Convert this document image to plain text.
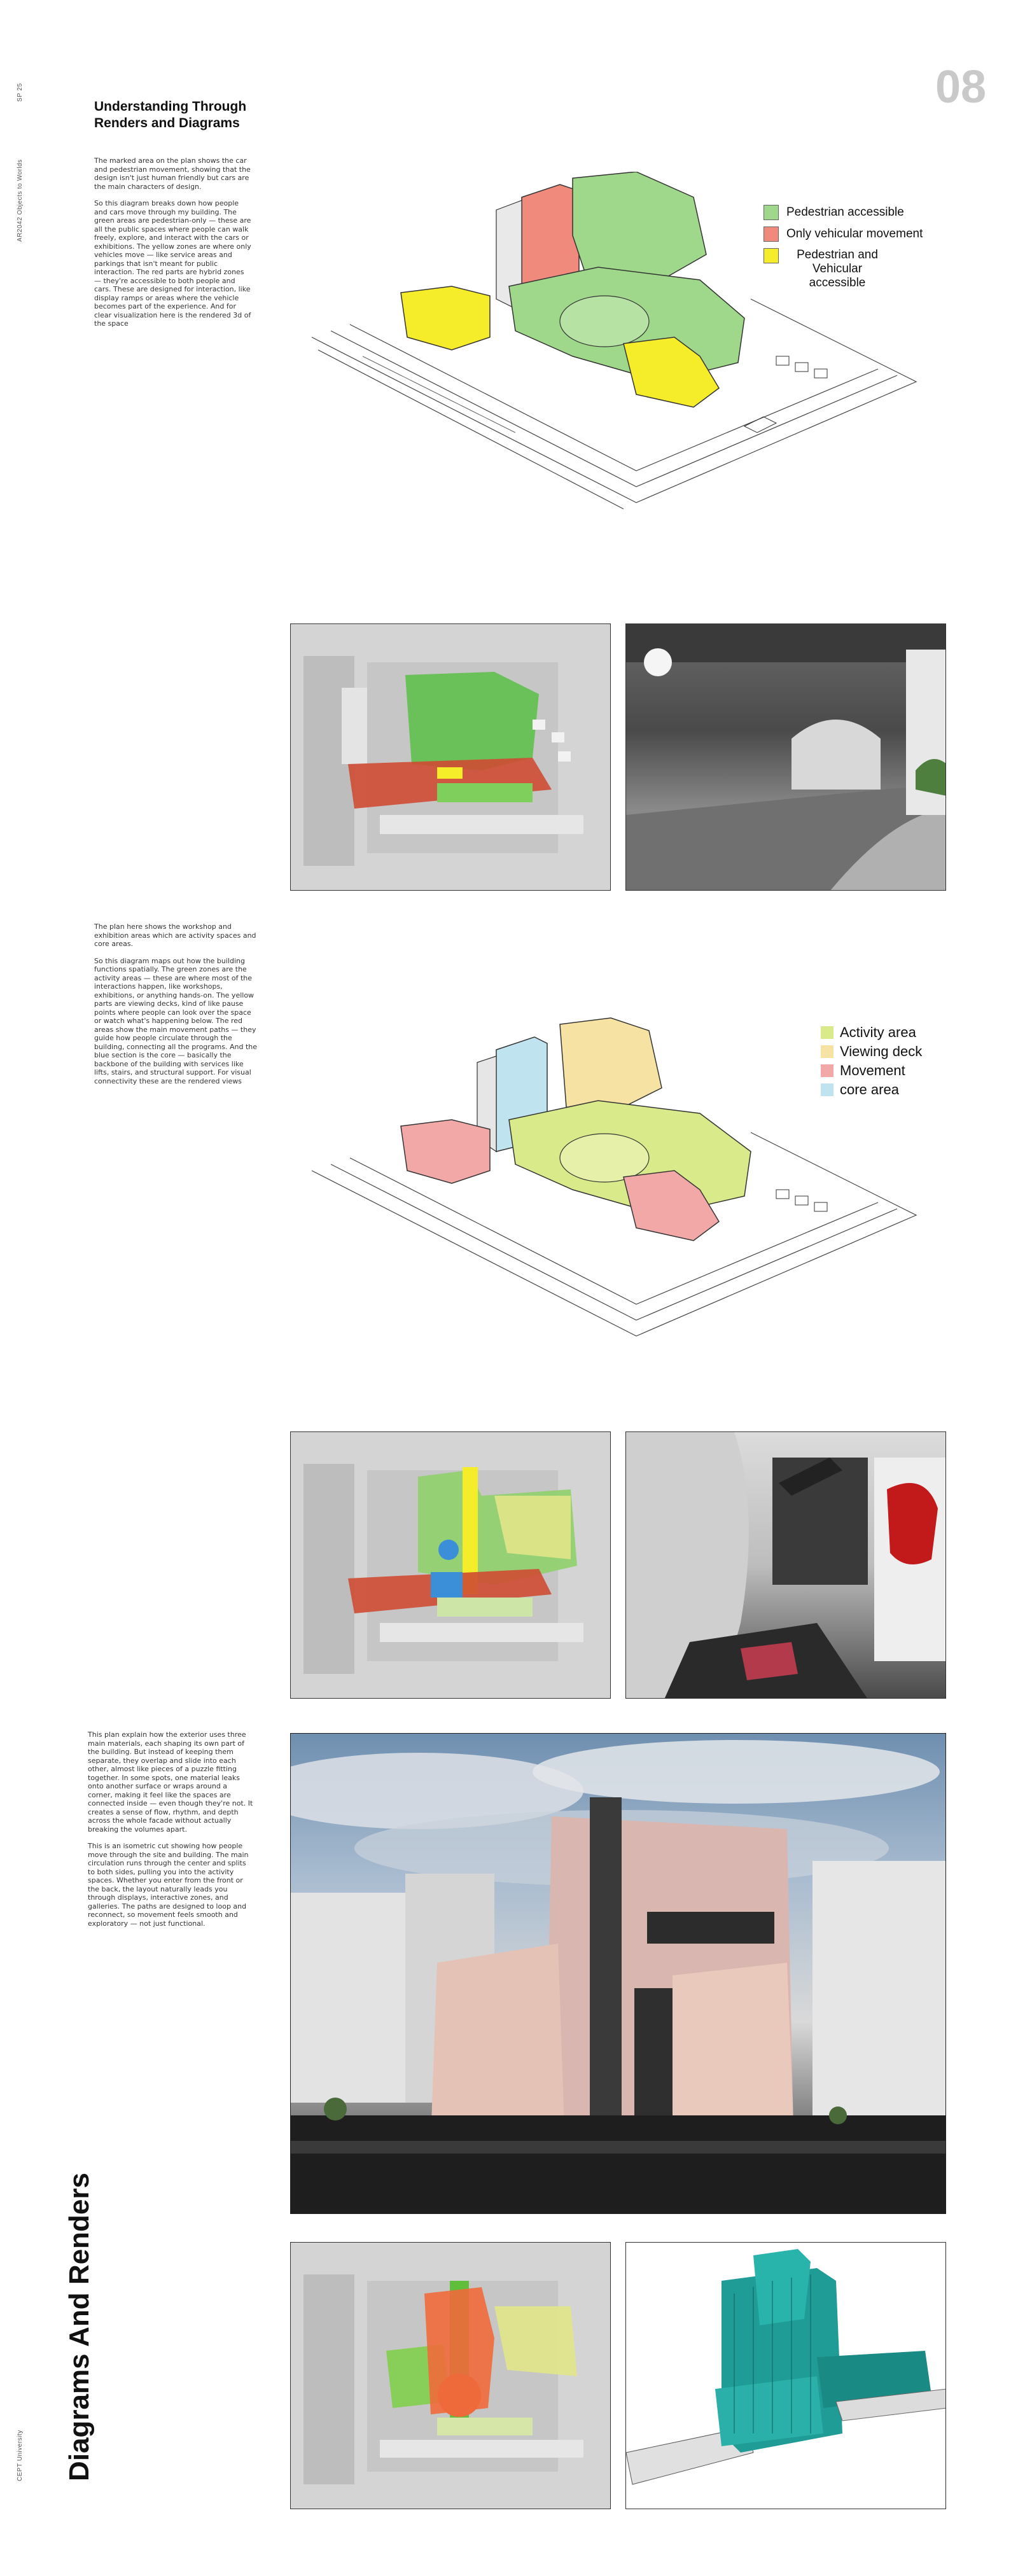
SP 25
AR2042 Objects to Worlds
CEPT University
08
Diagrams And Renders
Understanding Through Renders and Diagrams

The marked area on the plan shows the car and pedestrian movement, showing that the design isn't just human friendly but cars are the main characters of design.

So this diagram breaks down how people and cars move through my building. The green areas are pedestrian-only — these are all the public spaces where people can walk freely, explore, and interact with the cars or exhibitions. The yellow zones are where only vehicles move — like service areas and parkings that isn't meant for public interaction. The red parts are hybrid zones — they're accessible to both people and cars. These are designed for interaction, like display ramps or areas where the vehicle becomes part of the experience. And for clear visualization here is the rendered 3d of the space

Pedestrian accessible
Only vehicular movement
Pedestrian and Vehicular accessible

The plan here shows the workshop and exhibition areas which are activity spaces and core areas.

So this diagram maps out how the building functions spatially. The green zones are the activity areas — these are where most of the interactions happen, like workshops, exhibitions, or anything hands-on. The yellow parts are viewing decks, kind of like pause points where people can look over the space or watch what's happening below. The red areas show the main movement paths — they guide how people circulate through the building, connecting all the programs. And the blue section is the core — basically the backbone of the building with services like lifts, stairs, and structural support. For visual connectivity these are the rendered views

Activity area
Viewing deck
Movement
core area

This plan explain how the exterior uses three main materials, each shaping its own part of the building. But instead of keeping them separate, they overlap and slide into each other, almost like pieces of a puzzle fitting together. In some spots, one material leaks onto another surface or wraps around a corner, making it feel like the spaces are connected inside — even though they're not. It creates a sense of flow, rhythm, and depth across the whole facade without actually breaking the volumes apart.

This is an isometric cut showing how people move through the site and building. The main circulation runs through the center and splits to both sides, pulling you into the activity spaces. Whether you enter from the front or the back, the layout naturally leads you through displays, interactive zones, and galleries. The paths are designed to loop and reconnect, so movement feels smooth and exploratory — not just functional.
